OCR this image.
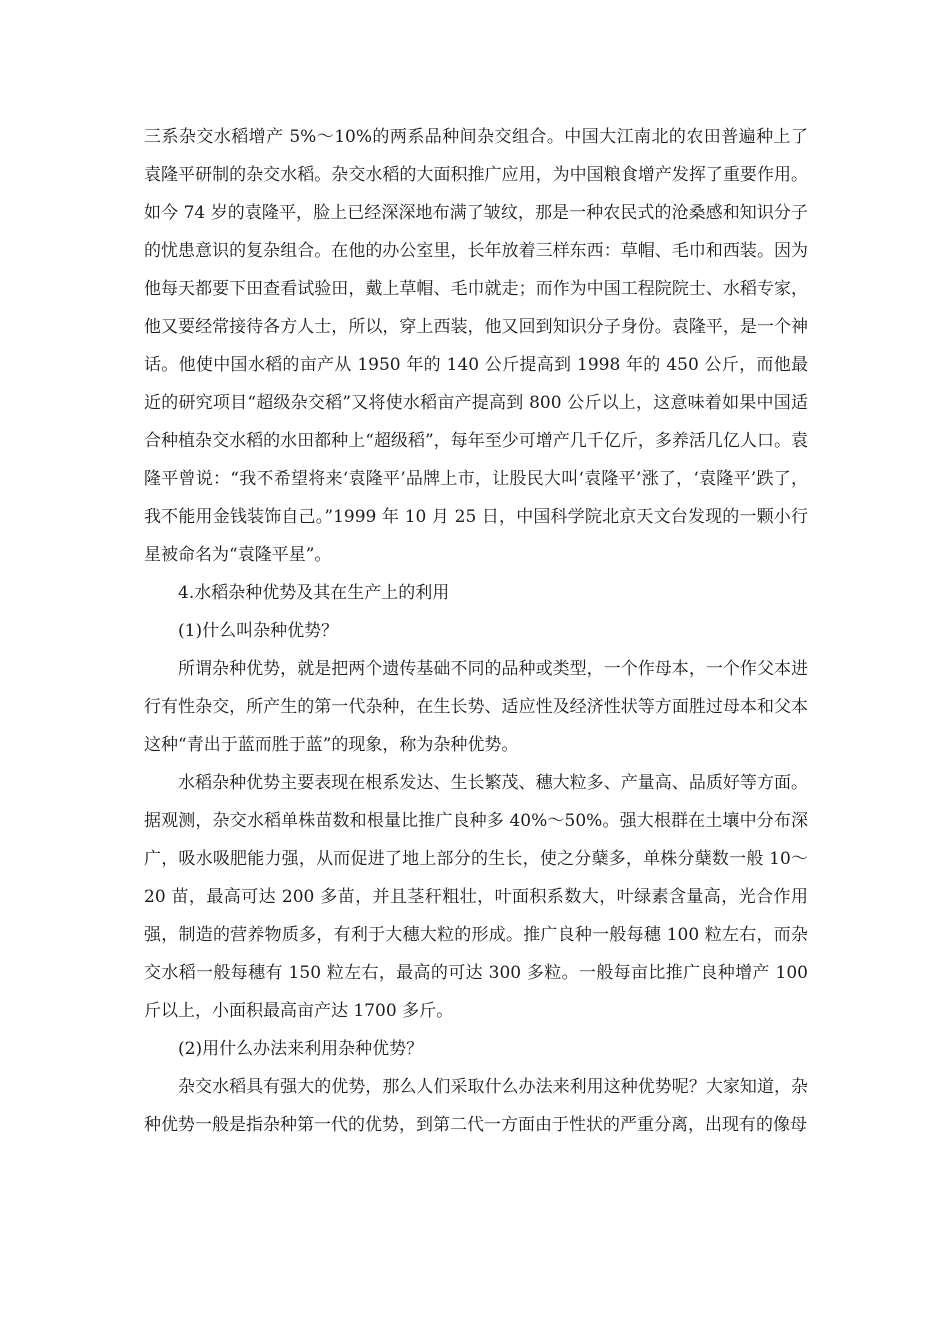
三系杂交水稻增产 5%～10%的两系品种间杂交组合。中国大江南北的农田普遍种上了袁隆平研制的杂交水稻。杂交水稻的大面积推广应用，为中国粮食增产发挥了重要作用。如今 74 岁的袁隆平，脸上已经深深地布满了皱纹，那是一种农民式的沧桑感和知识分子的忧患意识的复杂组合。在他的办公室里，长年放着三样东西：草帽、毛巾和西装。因为他每天都要下田查看试验田，戴上草帽、毛巾就走；而作为中国工程院院士、水稻专家，他又要经常接待各方人士，所以，穿上西装，他又回到知识分子身份。袁隆平，是一个神话。他使中国水稻的亩产从 1950 年的 140 公斤提高到 1998 年的 450 公斤，而他最近的研究项目“超级杂交稻”又将使水稻亩产提高到 800 公斤以上，这意味着如果中国适合种植杂交水稻的水田都种上“超级稻”，每年至少可增产几千亿斤，多养活几亿人口。袁隆平曾说：“我不希望将来‘袁隆平’品牌上市，让股民大叫‘袁隆平’涨了，‘袁隆平’跌了，我不能用金钱装饰自己。”1999 年 10 月 25 日，中国科学院北京天文台发现的一颗小行星被命名为“袁隆平星”。

4.水稻杂种优势及其在生产上的利用

(1)什么叫杂种优势？

所谓杂种优势，就是把两个遗传基础不同的品种或类型，一个作母本，一个作父本进行有性杂交，所产生的第一代杂种，在生长势、适应性及经济性状等方面胜过母本和父本这种“青出于蓝而胜于蓝”的现象，称为杂种优势。

水稻杂种优势主要表现在根系发达、生长繁茂、穗大粒多、产量高、品质好等方面。据观测，杂交水稻单株苗数和根量比推广良种多 40%～50%。强大根群在土壤中分布深广，吸水吸肥能力强，从而促进了地上部分的生长，使之分蘖多，单株分蘖数一般 10～20 苗，最高可达 200 多苗，并且茎秆粗壮，叶面积系数大，叶绿素含量高，光合作用强，制造的营养物质多，有利于大穗大粒的形成。推广良种一般每穗 100 粒左右，而杂交水稻一般每穗有 150 粒左右，最高的可达 300 多粒。一般每亩比推广良种增产 100 斤以上，小面积最高亩产达 1700 多斤。

(2)用什么办法来利用杂种优势？

杂交水稻具有强大的优势，那么人们采取什么办法来利用这种优势呢？大家知道，杂种优势一般是指杂种第一代的优势，到第二代一方面由于性状的严重分离，出现有的像母
